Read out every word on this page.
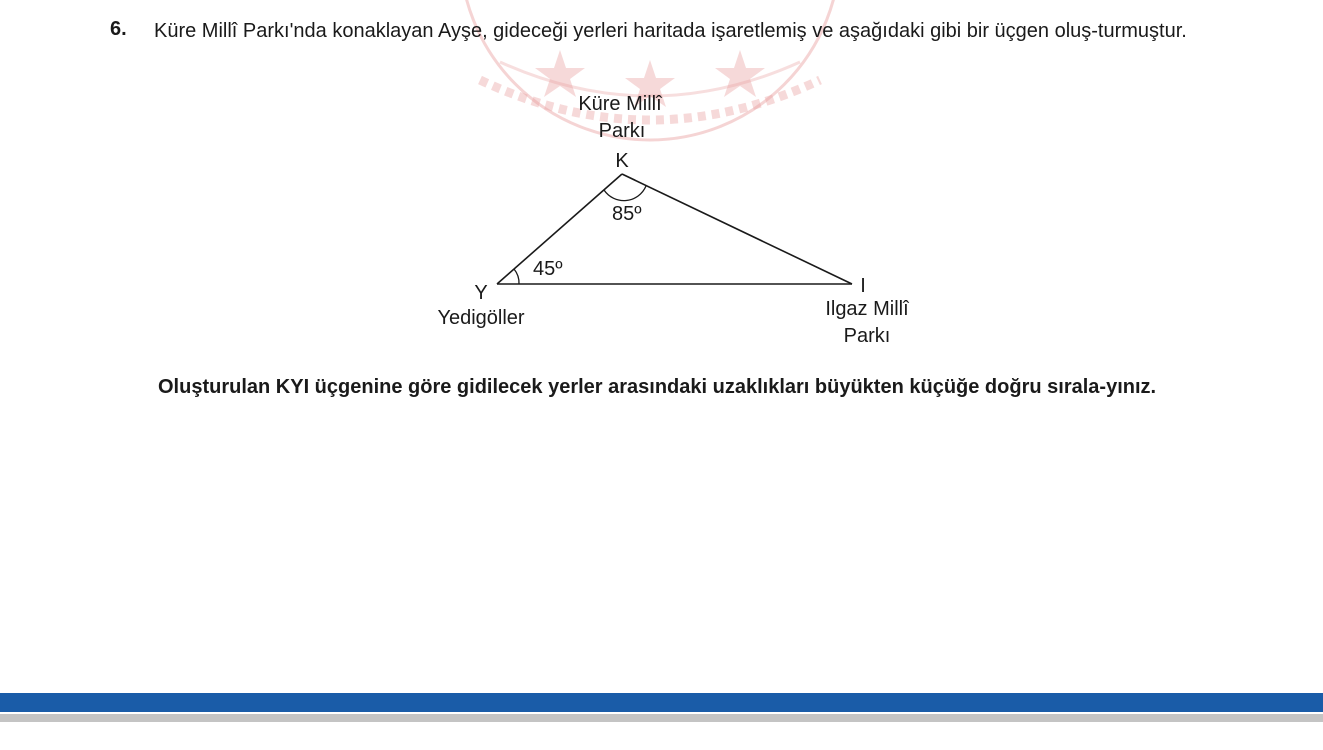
6. Küre Millî Parkı'nda konaklayan Ayşe, gideceği yerleri haritada işaretlemiş ve aşağıdaki gibi bir üçgen oluş-turmuştur.
85º
45º
Küre Millî
Parkı
K
Y
Yedigöller
I
Ilgaz Millî
Parkı
Oluşturulan KYI üçgenine göre gidilecek yerler arasındaki uzaklıkları büyükten küçüğe doğru sırala-yınız.
